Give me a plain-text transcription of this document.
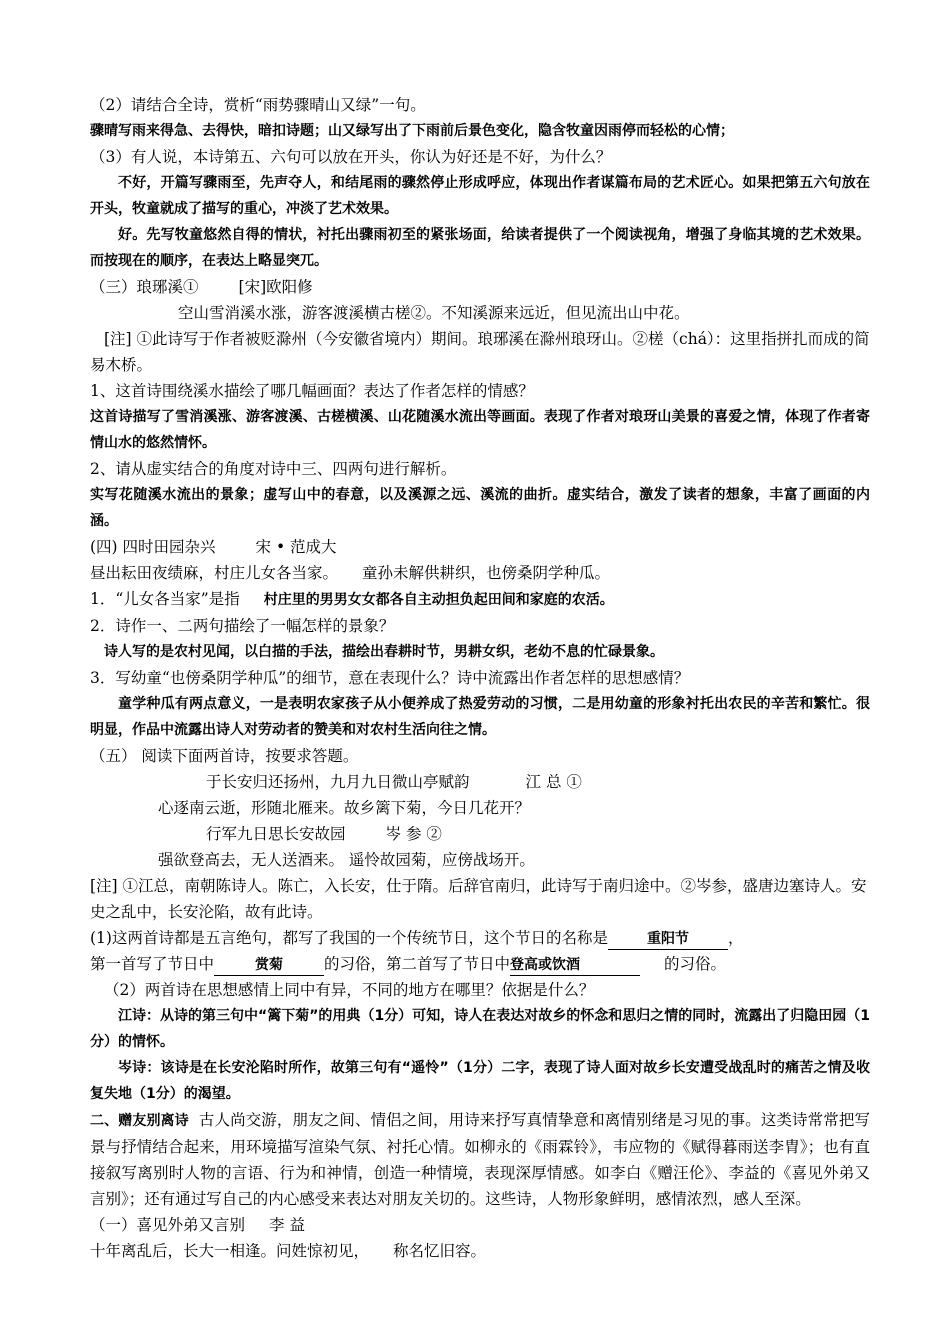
（2）请结合全诗，赏析“雨势骤晴山又绿”一句。
骤晴写雨来得急、去得快，暗扣诗题；山又绿写出了下雨前后景色变化，隐含牧童因雨停而轻松的心情；
（3）有人说，本诗第五、六句可以放在开头，你认为好还是不好，为什么？
不好，开篇写骤雨至，先声夺人，和结尾雨的骤然停止形成呼应，体现出作者谋篇布局的艺术匠心。如果把第五六句放在开头，牧童就成了描写的重心，冲淡了艺术效果。
好。先写牧童悠然自得的情状，衬托出骤雨初至的紧张场面，给读者提供了一个阅读视角，增强了身临其境的艺术效果。而按现在的顺序，在表达上略显突兀。
（三）琅琊溪①	[宋]欧阳修
空山雪消溪水涨，游客渡溪横古槎②。不知溪源来远近，但见流出山中花。
[注] ①此诗写于作者被贬滁州（今安徽省境内）期间。琅琊溪在滁州琅玡山。②槎（chá）：这里指拼扎而成的简易木桥。
1、这首诗围绕溪水描绘了哪几幅画面？表达了作者怎样的情感？
这首诗描写了雪消溪涨、游客渡溪、古槎横溪、山花随溪水流出等画面。表现了作者对琅玡山美景的喜爱之情，体现了作者寄情山水的悠然情怀。
2、请从虚实结合的角度对诗中三、四两句进行解析。
实写花随溪水流出的景象；虚写山中的春意，以及溪源之远、溪流的曲折。虚实结合，激发了读者的想象，丰富了画面的内涵。
(四) 四时田园杂兴	宋 • 范成大
昼出耘田夜绩麻，村庄儿女各当家。 童孙未解供耕织，也傍桑阴学种瓜。
1．“儿女各当家”是指 村庄里的男男女女都各自主动担负起田间和家庭的农活。
2．诗作一、二两句描绘了一幅怎样的景象？
诗人写的是农村见闻，以白描的手法，描绘出春耕时节，男耕女织，老幼不息的忙碌景象。
3．写幼童“也傍桑阴学种瓜”的细节，意在表现什么？诗中流露出作者怎样的思想感情？
童学种瓜有两点意义，一是表明农家孩子从小便养成了热爱劳动的习惯，二是用幼童的形象衬托出农民的辛苦和繁忙。很明显，作品中流露出诗人对劳动者的赞美和对农村生活向往之情。
（五） 阅读下面两首诗，按要求答题。
于长安归还扬州，九月九日微山亭赋韵	江 总 ①
心逐南云逝，形随北雁来。故乡篱下菊，今日几花开？
行军九日思长安故园	岑 参 ②
强欲登高去，无人送酒来。 遥怜故园菊，应傍战场开。
[注] ①江总，南朝陈诗人。陈亡，入长安，仕于隋。后辞官南归，此诗写于南归途中。②岑参，盛唐边塞诗人。安史之乱中，长安沦陷，故有此诗。
(1)这两首诗都是五言绝句，都写了我国的一个传统节日，这个节日的名称是	重阳节	，
第一首写了节日中	赏菊	的习俗，第二首写了节日中登高或饮酒	的习俗。
（2）两首诗在思想感情上同中有异，不同的地方在哪里？依据是什么？
江诗：从诗的第三句中“篱下菊”的用典（1分）可知，诗人在表达对故乡的怀念和思归之情的同时，流露出了归隐田园（1分）的情怀。
岑诗：该诗是在长安沦陷时所作，故第三句有“遥怜”（1分）二字，表现了诗人面对故乡长安遭受战乱时的痛苦之情及收复失地（1分）的渴望。
二、赠友别离诗 古人尚交游，朋友之间、情侣之间，用诗来抒写真情挚意和离情别绪是习见的事。这类诗常常把写景与抒情结合起来，用环境描写渲染气氛、衬托心情。如柳永的《雨霖铃》，韦应物的《赋得暮雨送李胄》；也有直接叙写离别时人物的言语、行为和神情，创造一种情境，表现深厚情感。如李白《赠汪伦》、李益的《喜见外弟又言别》；还有通过写自己的内心感受来表达对朋友关切的。这些诗，人物形象鲜明，感情浓烈，感人至深。
（一）喜见外弟又言别 李 益
十年离乱后，长大一相逢。问姓惊初见， 称名忆旧容。
